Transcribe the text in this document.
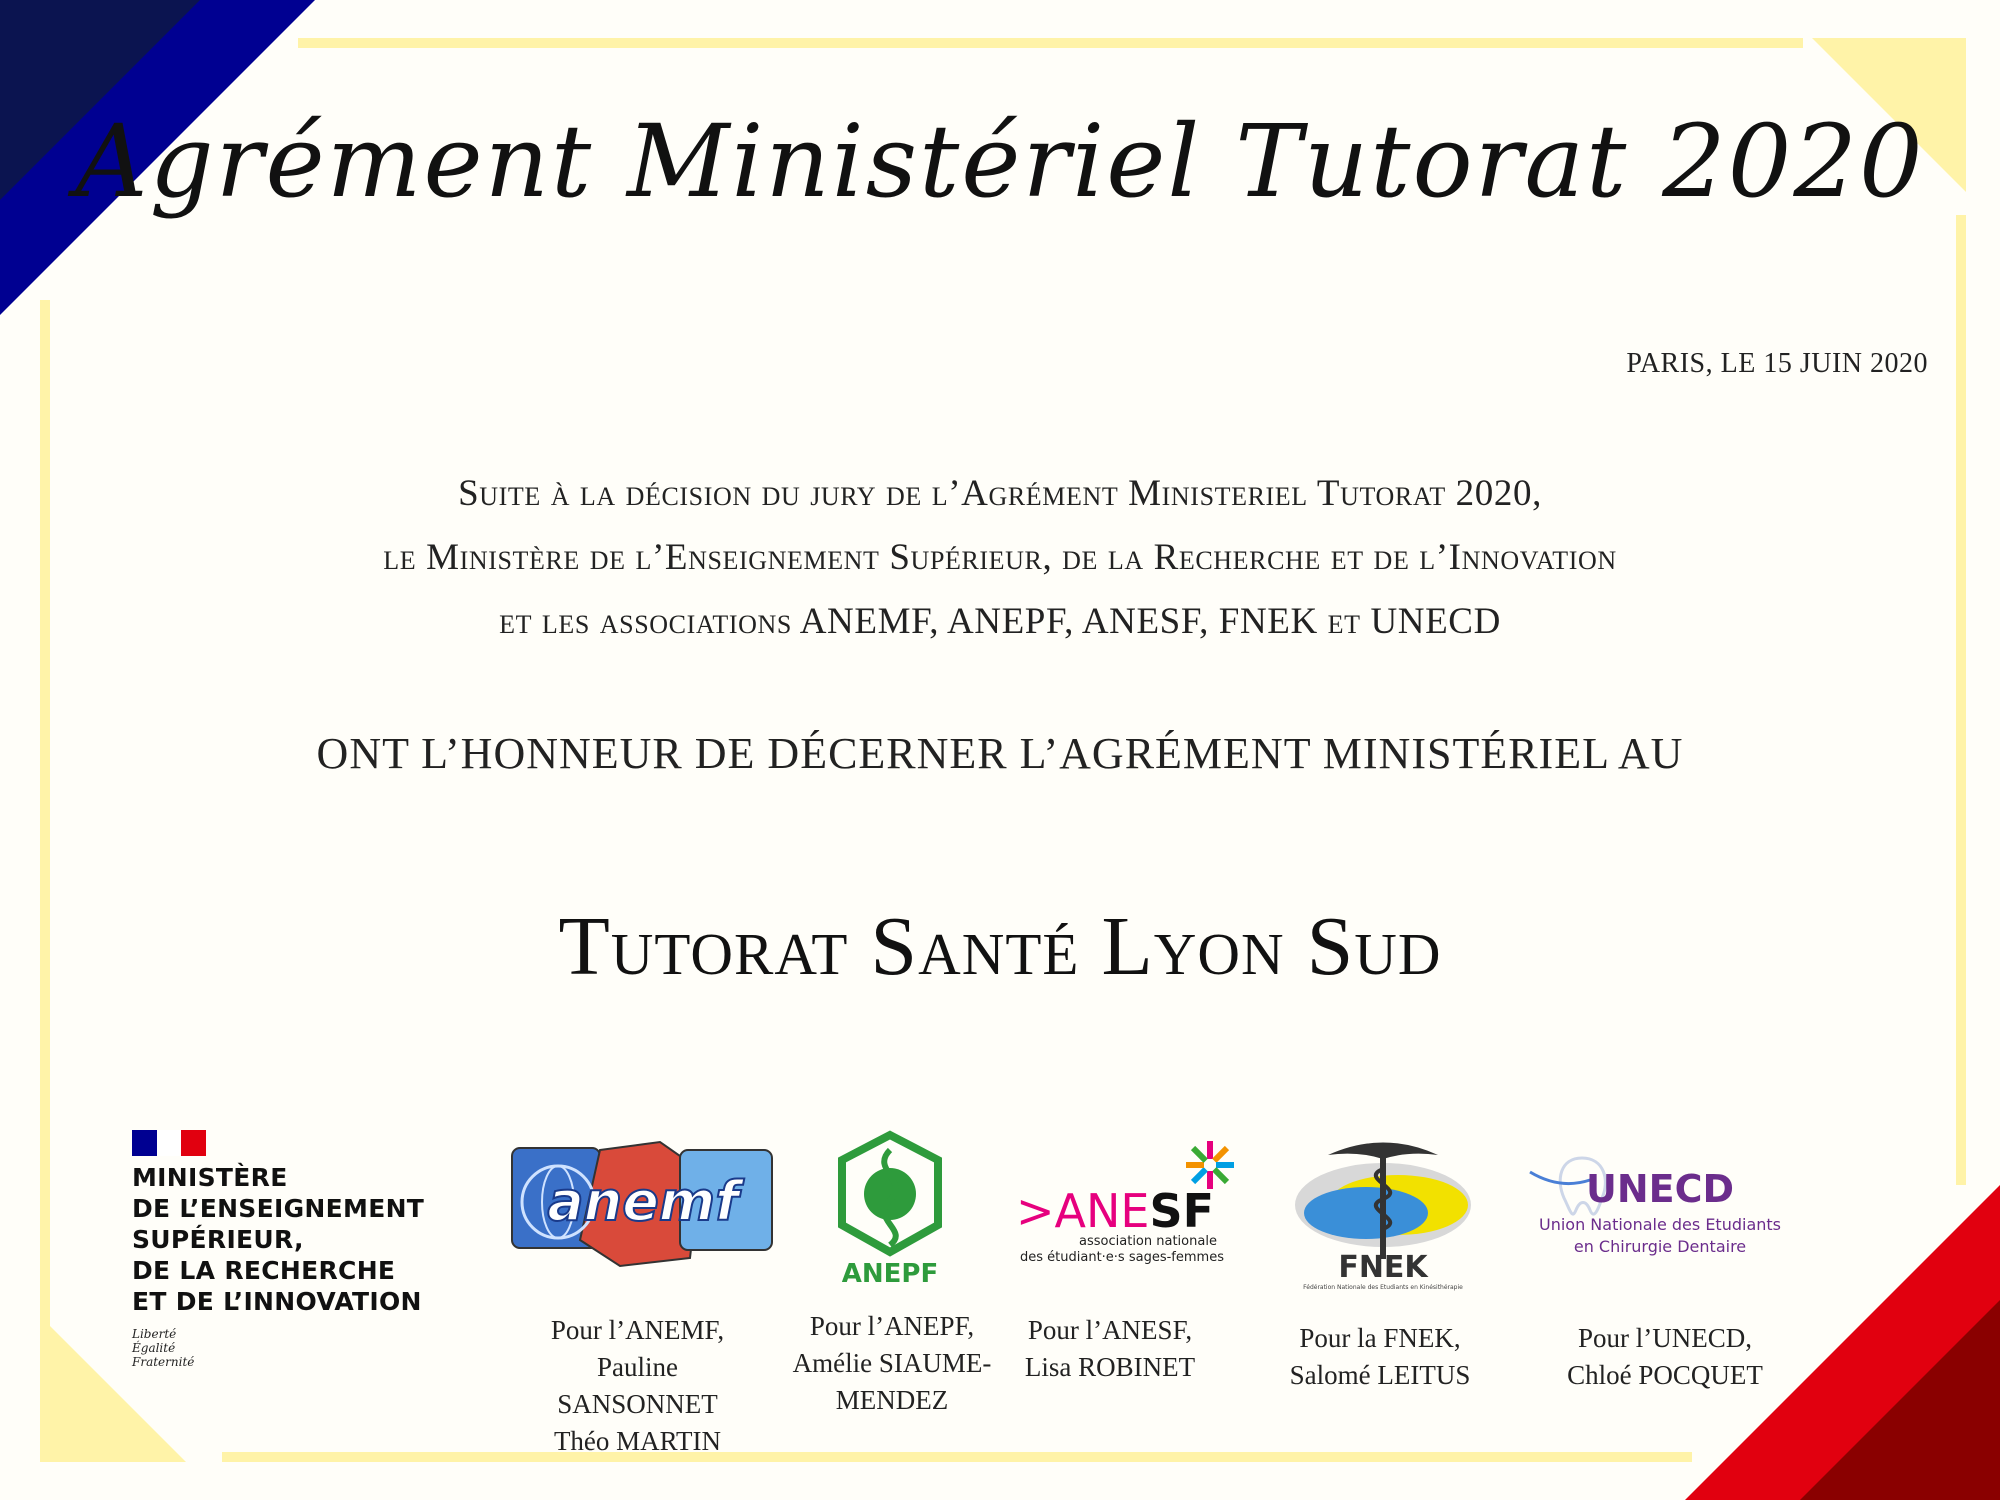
Agrément Ministériel Tutorat 2020
PARIS, LE 15 JUIN 2020
Suite à la décision du jury de l’Agrément Ministeriel Tutorat 2020,
le Ministère de l’Enseignement Supérieur, de la Recherche et de l’Innovation
et les associations ANEMF, ANEPF, ANESF, FNEK et UNECD
ONT L’HONNEUR DE DÉCERNER L’AGRÉMENT MINISTÉRIEL AU
Tutorat Santé Lyon Sud
MINISTÈRE
DE L’ENSEIGNEMENT
SUPÉRIEUR,
DE LA RECHERCHE
ET DE L’INNOVATION
Liberté
Égalité
Fraternité
anemf
ANEPF
>ANESF
association nationale
des étudiant·e·s sages-femmes	FNEK
Fédération Nationale des Etudiants en Kinésithérapie
UNECD
Union Nationale des Etudiants
en Chirurgie Dentaire
Pour l’ANEMF,
Pauline
SANSONNET
Théo MARTIN
Pour l’ANEPF,
Amélie SIAUME-
MENDEZ
Pour l’ANESF,
Lisa ROBINET
Pour la FNEK,
Salomé LEITUS
Pour l’UNECD,
Chloé POCQUET
